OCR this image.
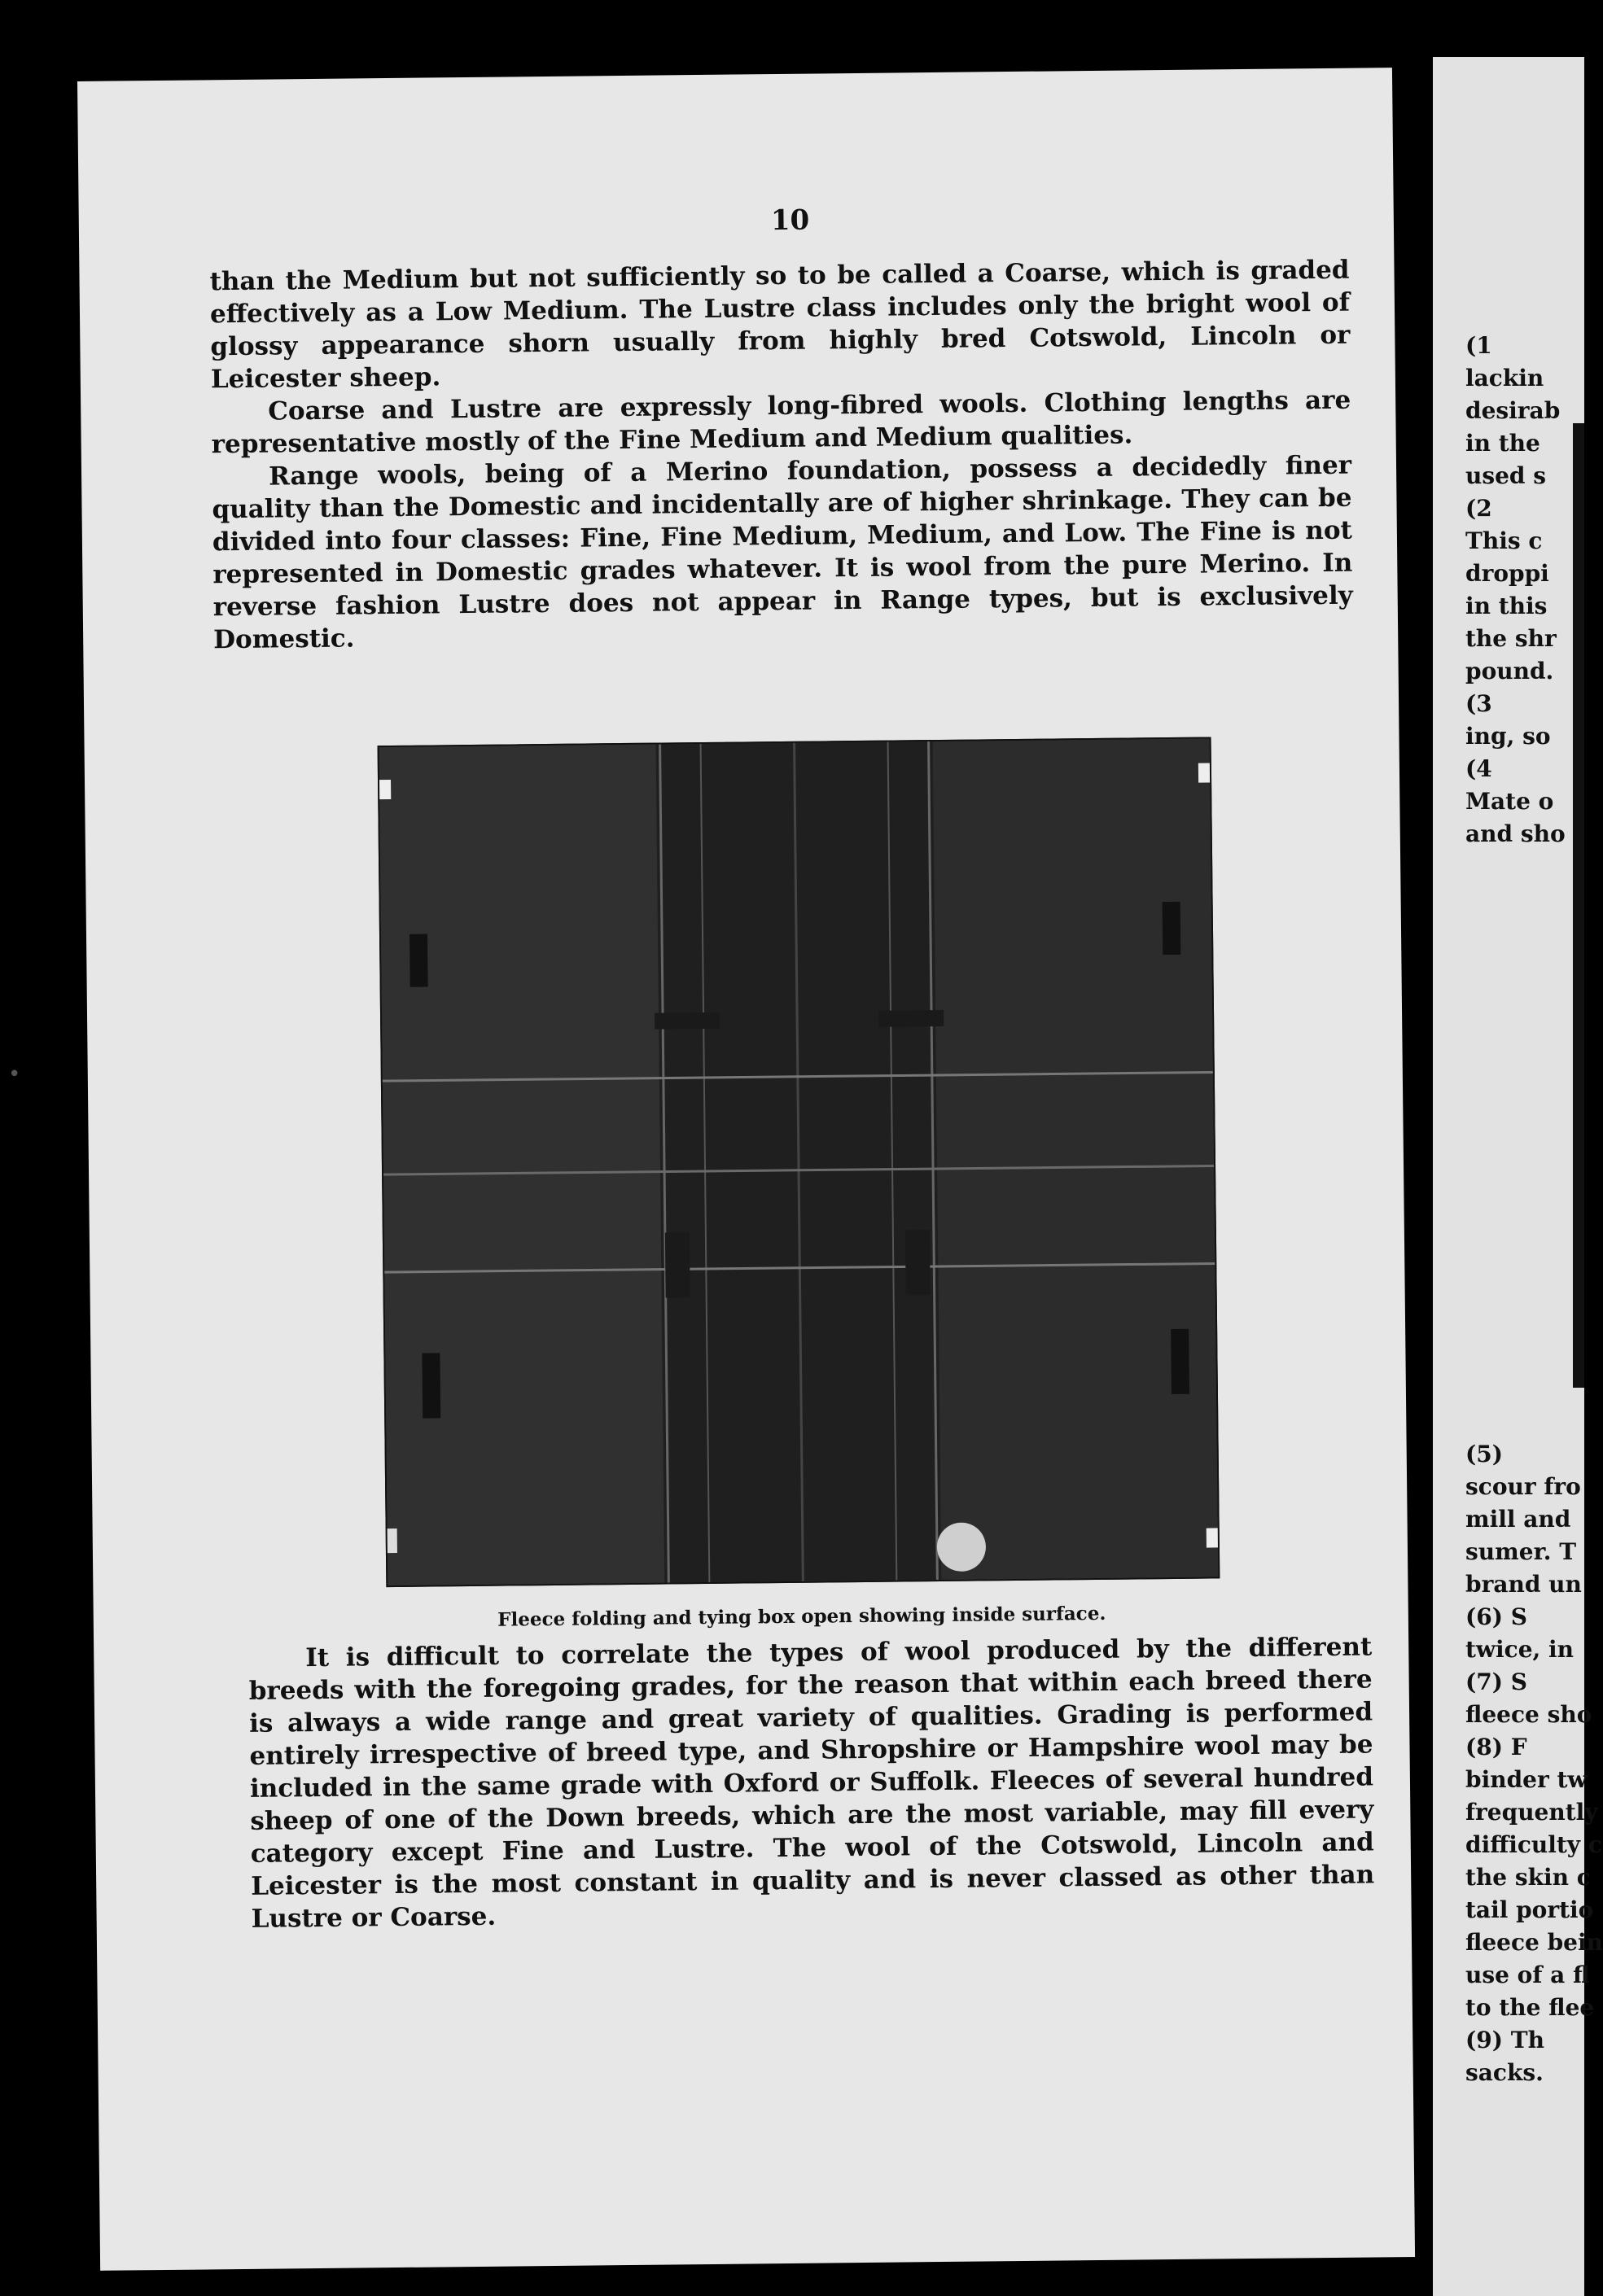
10

than the Medium but not sufficiently so to be called a Coarse, which is graded effectively as a Low Medium. The Lustre class includes only the bright wool of glossy appearance shorn usually from highly bred Cotswold, Lincoln or Leicester sheep.

Coarse and Lustre are expressly long-fibred wools. Clothing lengths are representative mostly of the Fine Medium and Medium qualities.

Range wools, being of a Merino foundation, possess a decidedly finer quality than the Domestic and incidentally are of higher shrinkage. They can be divided into four classes: Fine, Fine Medium, Medium, and Low. The Fine is not represented in Domestic grades whatever. It is wool from the pure Merino. In reverse fashion Lustre does not appear in Range types, but is exclusively Domestic.

Fleece folding and tying box open showing inside surface.

It is difficult to correlate the types of wool produced by the different breeds with the foregoing grades, for the reason that within each breed there is always a wide range and great variety of qualities. Grading is performed entirely irrespective of breed type, and Shropshire or Hampshire wool may be included in the same grade with Oxford or Suffolk. Fleeces of several hundred sheep of one of the Down breeds, which are the most variable, may fill every category except Fine and Lustre. The wool of the Cotswold, Lincoln and Leicester is the most constant in quality and is never classed as other than Lustre or Coarse.

•
(1
lackin
desirab
in the
used s
(2
This c
droppi
in this
the shr
pound.
(3
ing, so
(4
Mate o
and sho
(5)
scour fro
mill and
sumer. T
brand un
(6) S
twice, in
(7) S
fleece sho
(8) F
binder tw
frequently
difficulty c
the skin c
tail portio
fleece bein
use of a fl
to the flee
(9) Th
sacks.
